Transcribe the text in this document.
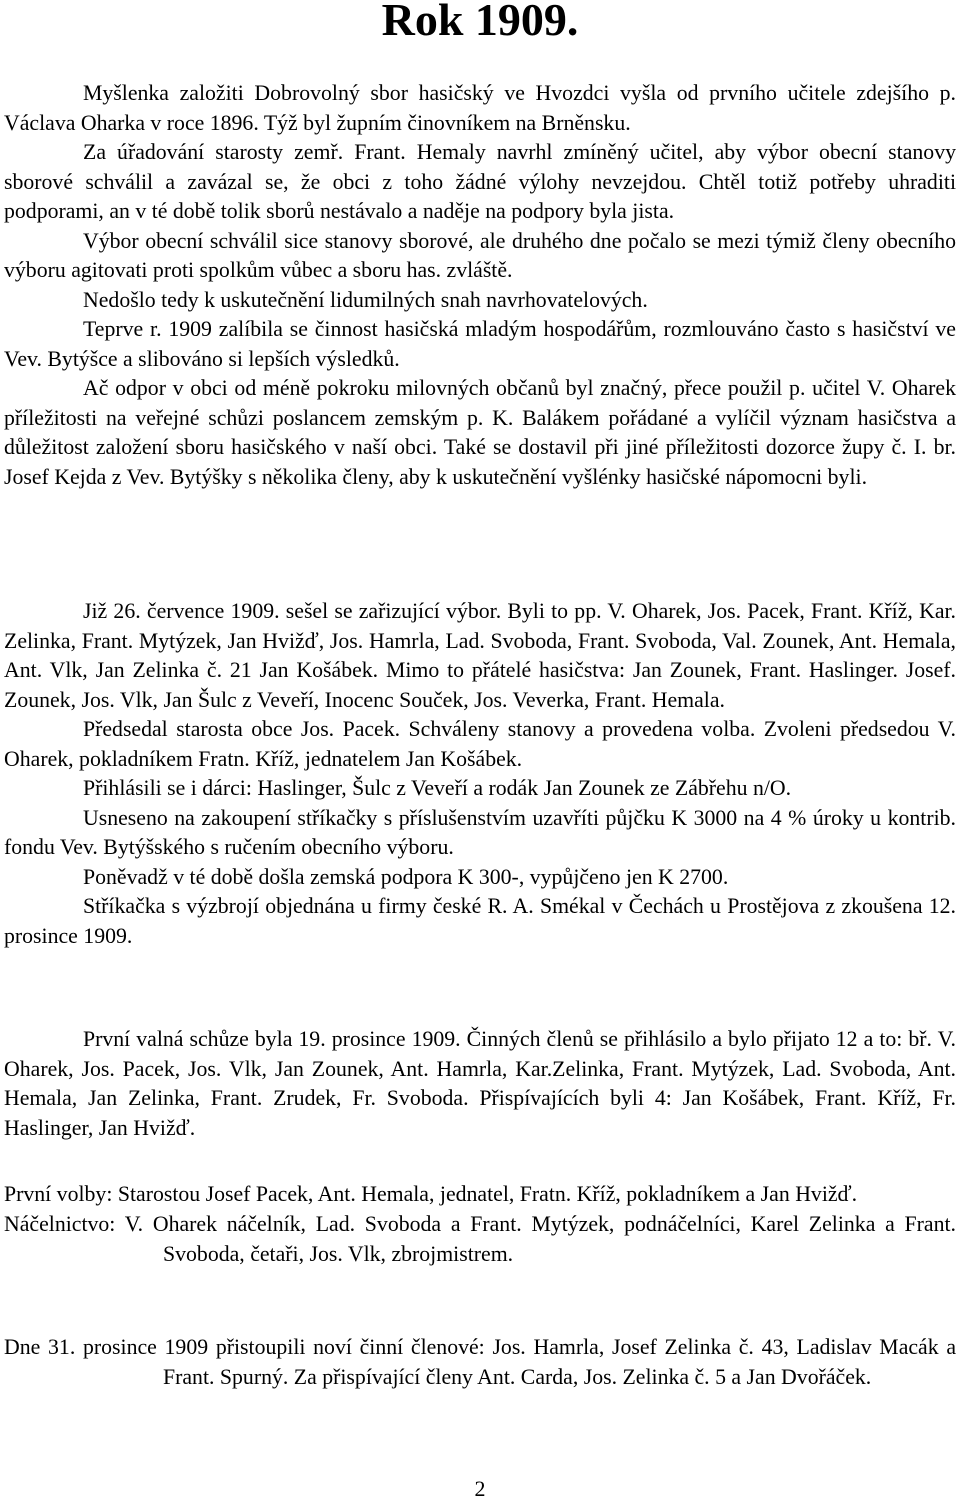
Rok 1909.

Myšlenka založiti Dobrovolný sbor hasičský ve Hvozdci vyšla od prvního učitele zdejšího p. Václava Oharka v roce 1896. Týž byl župním činovníkem na Brněnsku.

Za úřadování starosty zemř. Frant. Hemaly navrhl zmíněný učitel, aby výbor obecní stanovy sborové schválil a zavázal se, že obci z toho žádné výlohy nevzejdou. Chtěl totiž potřeby uhraditi podporami, an v té době tolik sborů nestávalo a naděje na podpory byla jista.

Výbor obecní schválil sice stanovy sborové, ale druhého dne počalo se mezi týmiž členy obecního výboru agitovati proti spolkům vůbec a sboru has. zvláště.

Nedošlo tedy k uskutečnění lidumilných snah navrhovatelových.

Teprve r. 1909 zalíbila se činnost hasičská mladým hospodářům, rozmlouváno často s hasičství ve Vev. Bytýšce a slibováno si lepších výsledků.

Ač odpor v obci od méně pokroku milovných občanů byl značný, přece použil p. učitel V. Oharek příležitosti na veřejné schůzi poslancem zemským p. K. Balákem pořádané a vylíčil význam hasičstva a důležitost založení sboru hasičského v naší obci. Také se dostavil při jiné příležitosti dozorce župy č. I. br. Josef Kejda z Vev. Bytýšky s několika členy, aby k uskutečnění vyšlénky hasičské nápomocni byli.

Již 26. července 1909. sešel se zařizující výbor. Byli to pp. V. Oharek, Jos. Pacek, Frant. Kříž, Kar. Zelinka, Frant. Mytýzek, Jan Hvižď, Jos. Hamrla, Lad. Svoboda, Frant. Svoboda, Val. Zounek, Ant. Hemala, Ant. Vlk, Jan Zelinka č. 21 Jan Košábek. Mimo to přátelé hasičstva: Jan Zounek, Frant. Haslinger. Josef. Zounek, Jos. Vlk, Jan Šulc z Veveří, Inocenc Souček, Jos. Veverka, Frant. Hemala.

Předsedal starosta obce Jos. Pacek. Schváleny stanovy a provedena volba. Zvoleni předsedou V. Oharek, pokladníkem Fratn. Kříž, jednatelem Jan Košábek.

Přihlásili se i dárci: Haslinger, Šulc z Veveří a rodák Jan Zounek ze Zábřehu n/O.

Usneseno na zakoupení stříkačky s příslušenstvím uzavříti půjčku K 3000 na 4 % úroky u kontrib. fondu Vev. Bytýšského s ručením obecního výboru.

Poněvadž v té době došla zemská podpora K 300-, vypůjčeno jen K 2700.

Stříkačka s výzbrojí objednána u firmy české R. A. Smékal v Čechách u Prostějova z zkoušena 12. prosince 1909.

První valná schůze byla 19. prosince 1909. Činných členů se přihlásilo a bylo přijato 12 a to: bř. V. Oharek, Jos. Pacek, Jos. Vlk, Jan Zounek, Ant. Hamrla, Kar.Zelinka, Frant. Mytýzek, Lad. Svoboda, Ant. Hemala, Jan Zelinka, Frant. Zrudek, Fr. Svoboda. Přispívajících byli 4: Jan Košábek, Frant. Kříž, Fr. Haslinger, Jan Hvižď.

První volby: Starostou Josef Pacek, Ant. Hemala, jednatel, Fratn. Kříž, pokladníkem a Jan Hvižď.

Náčelnictvo: V. Oharek náčelník, Lad. Svoboda a Frant. Mytýzek, podnáčelníci, Karel Zelinka a Frant. Svoboda, četaři, Jos. Vlk, zbrojmistrem.

Dne 31. prosince 1909 přistoupili noví činní členové: Jos. Hamrla, Josef Zelinka č. 43, Ladislav Macák a Frant. Spurný. Za přispívající členy Ant. Carda, Jos. Zelinka č. 5 a Jan Dvořáček.

2
